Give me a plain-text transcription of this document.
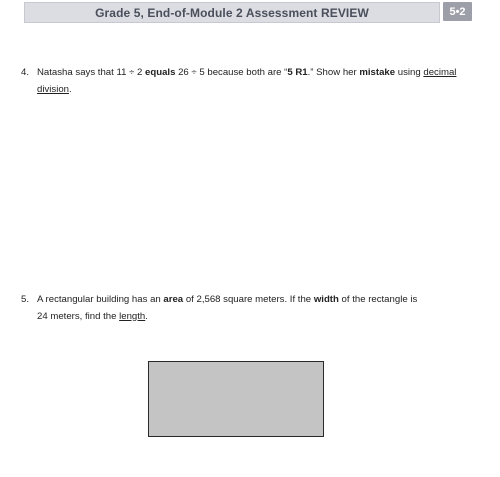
Grade 5, End-of-Module 2 Assessment REVIEW	5•2
4. Natasha says that 11 ÷ 2 equals 26 ÷ 5 because both are “5 R1.” Show her mistake using decimal
division.
5. A rectangular building has an area of 2,568 square meters. If the width of the rectangle is
24 meters, find the length.
